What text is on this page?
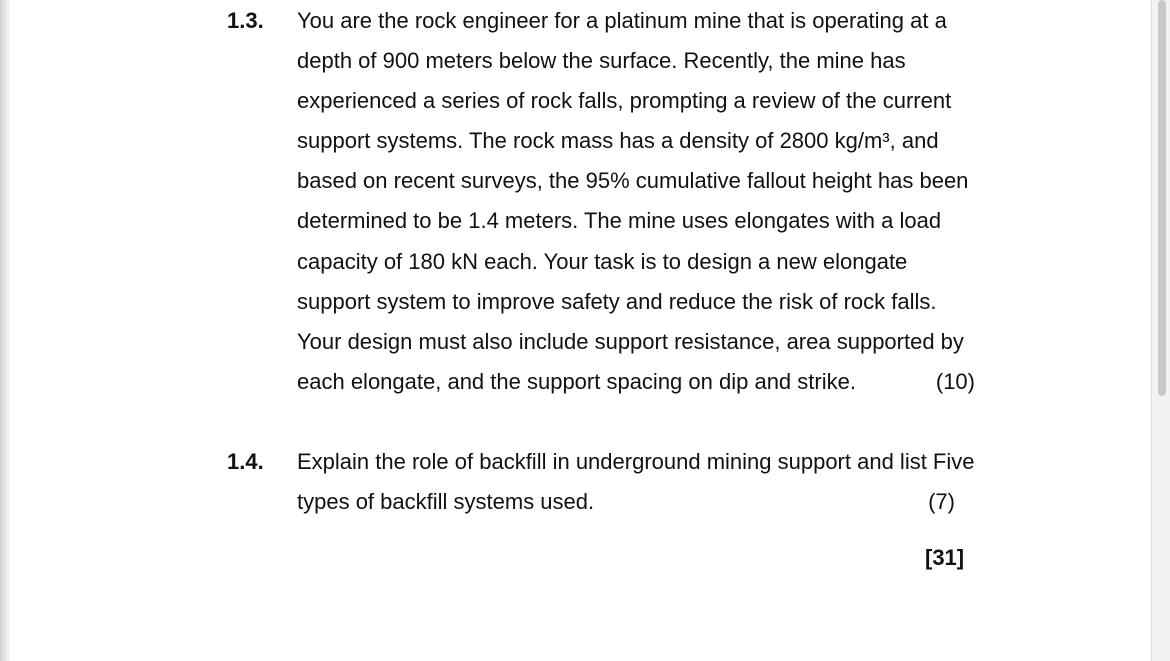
1.3. You are the rock engineer for a platinum mine that is operating at a
depth of 900 meters below the surface. Recently, the mine has
experienced a series of rock falls, prompting a review of the current
support systems. The rock mass has a density of 2800 kg/m³, and
based on recent surveys, the 95% cumulative fallout height has been
determined to be 1.4 meters. The mine uses elongates with a load
capacity of 180 kN each. Your task is to design a new elongate
support system to improve safety and reduce the risk of rock falls.
Your design must also include support resistance, area supported by
each elongate, and the support spacing on dip and strike.	(10)
1.4. Explain the role of backfill in underground mining support and list Five
types of backfill systems used.	(7)
[31]
